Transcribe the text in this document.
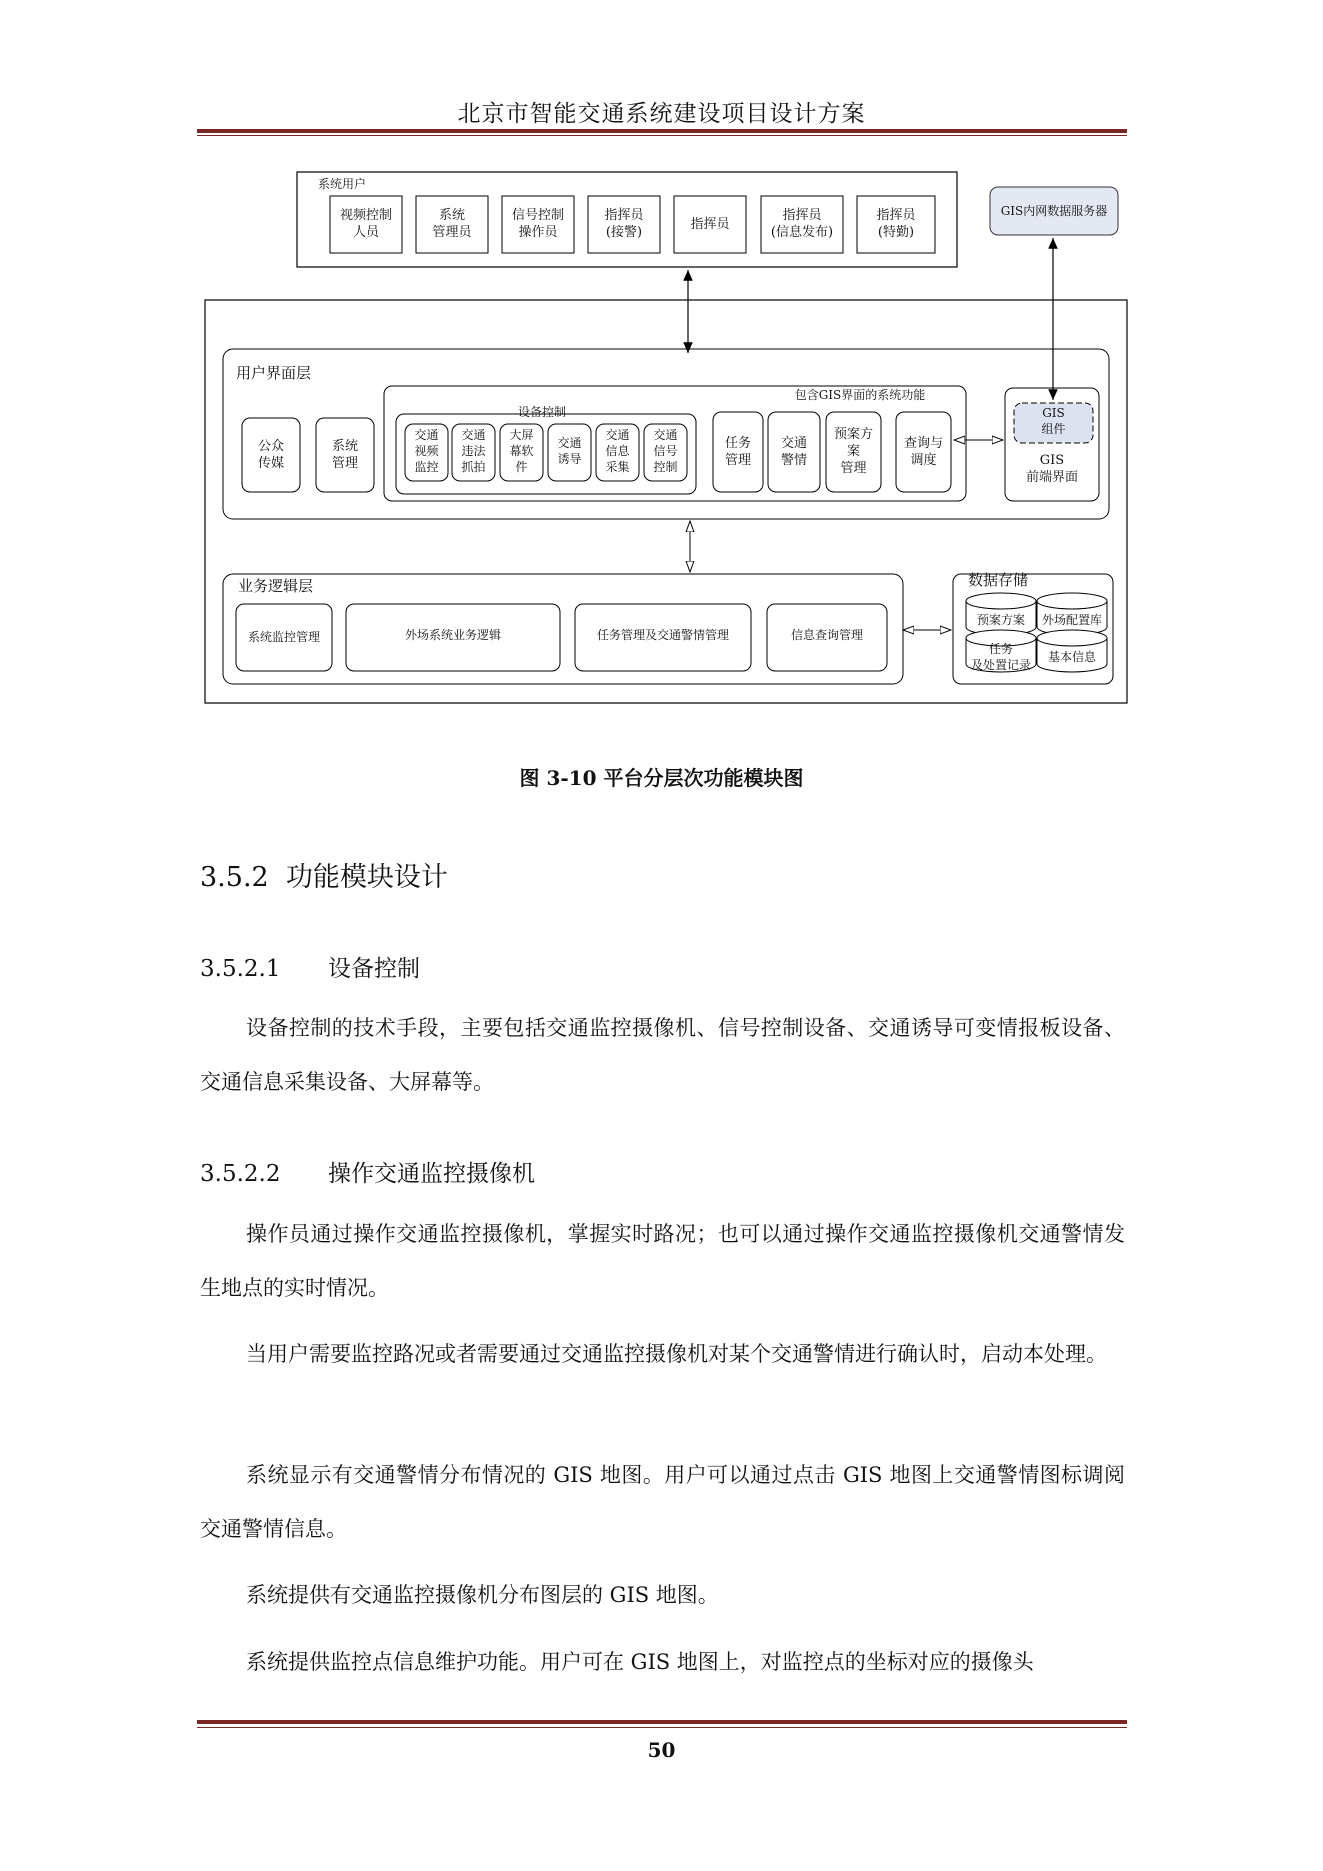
北京市智能交通系统建设项目设计方案
系统用户
视频控制
人员
系统
管理员
信号控制
操作员
指挥员
(接警)
指挥员
指挥员
(信息发布)
指挥员
(特勤)
GIS内网数据服务器
用户界面层
公众
传媒
系统
管理
包含GIS界面的系统功能
设备控制
交通
视频
监控
交通
违法
抓拍
大屏
幕软
件
交通
诱导
交通
信息
采集
交通
信号
控制
任务
管理
交通
警情
预案方
案
管理
查询与
调度
GIS
组件
GIS
前端界面
业务逻辑层
系统监控管理	外场系统业务逻辑	任务管理及交通警情管理	信息查询管理
数据存储
预案方案	外场配置库
任务
及处置记录
基本信息
图 3-10 平台分层次功能模块图
3.5.2 功能模块设计
3.5.2.1 设备控制

设备控制的技术手段，主要包括交通监控摄像机、信号控制设备、交通诱导可变情报板设备、交通信息采集设备、大屏幕等。

3.5.2.2 操作交通监控摄像机

操作员通过操作交通监控摄像机，掌握实时路况；也可以通过操作交通监控摄像机交通警情发生地点的实时情况。

当用户需要监控路况或者需要通过交通监控摄像机对某个交通警情进行确认时，启动本处理。

系统显示有交通警情分布情况的 GIS 地图。用户可以通过点击 GIS 地图上交通警情图标调阅交通警情信息。

系统提供有交通监控摄像机分布图层的 GIS 地图。

系统提供监控点信息维护功能。用户可在 GIS 地图上，对监控点的坐标对应的摄像头

50
